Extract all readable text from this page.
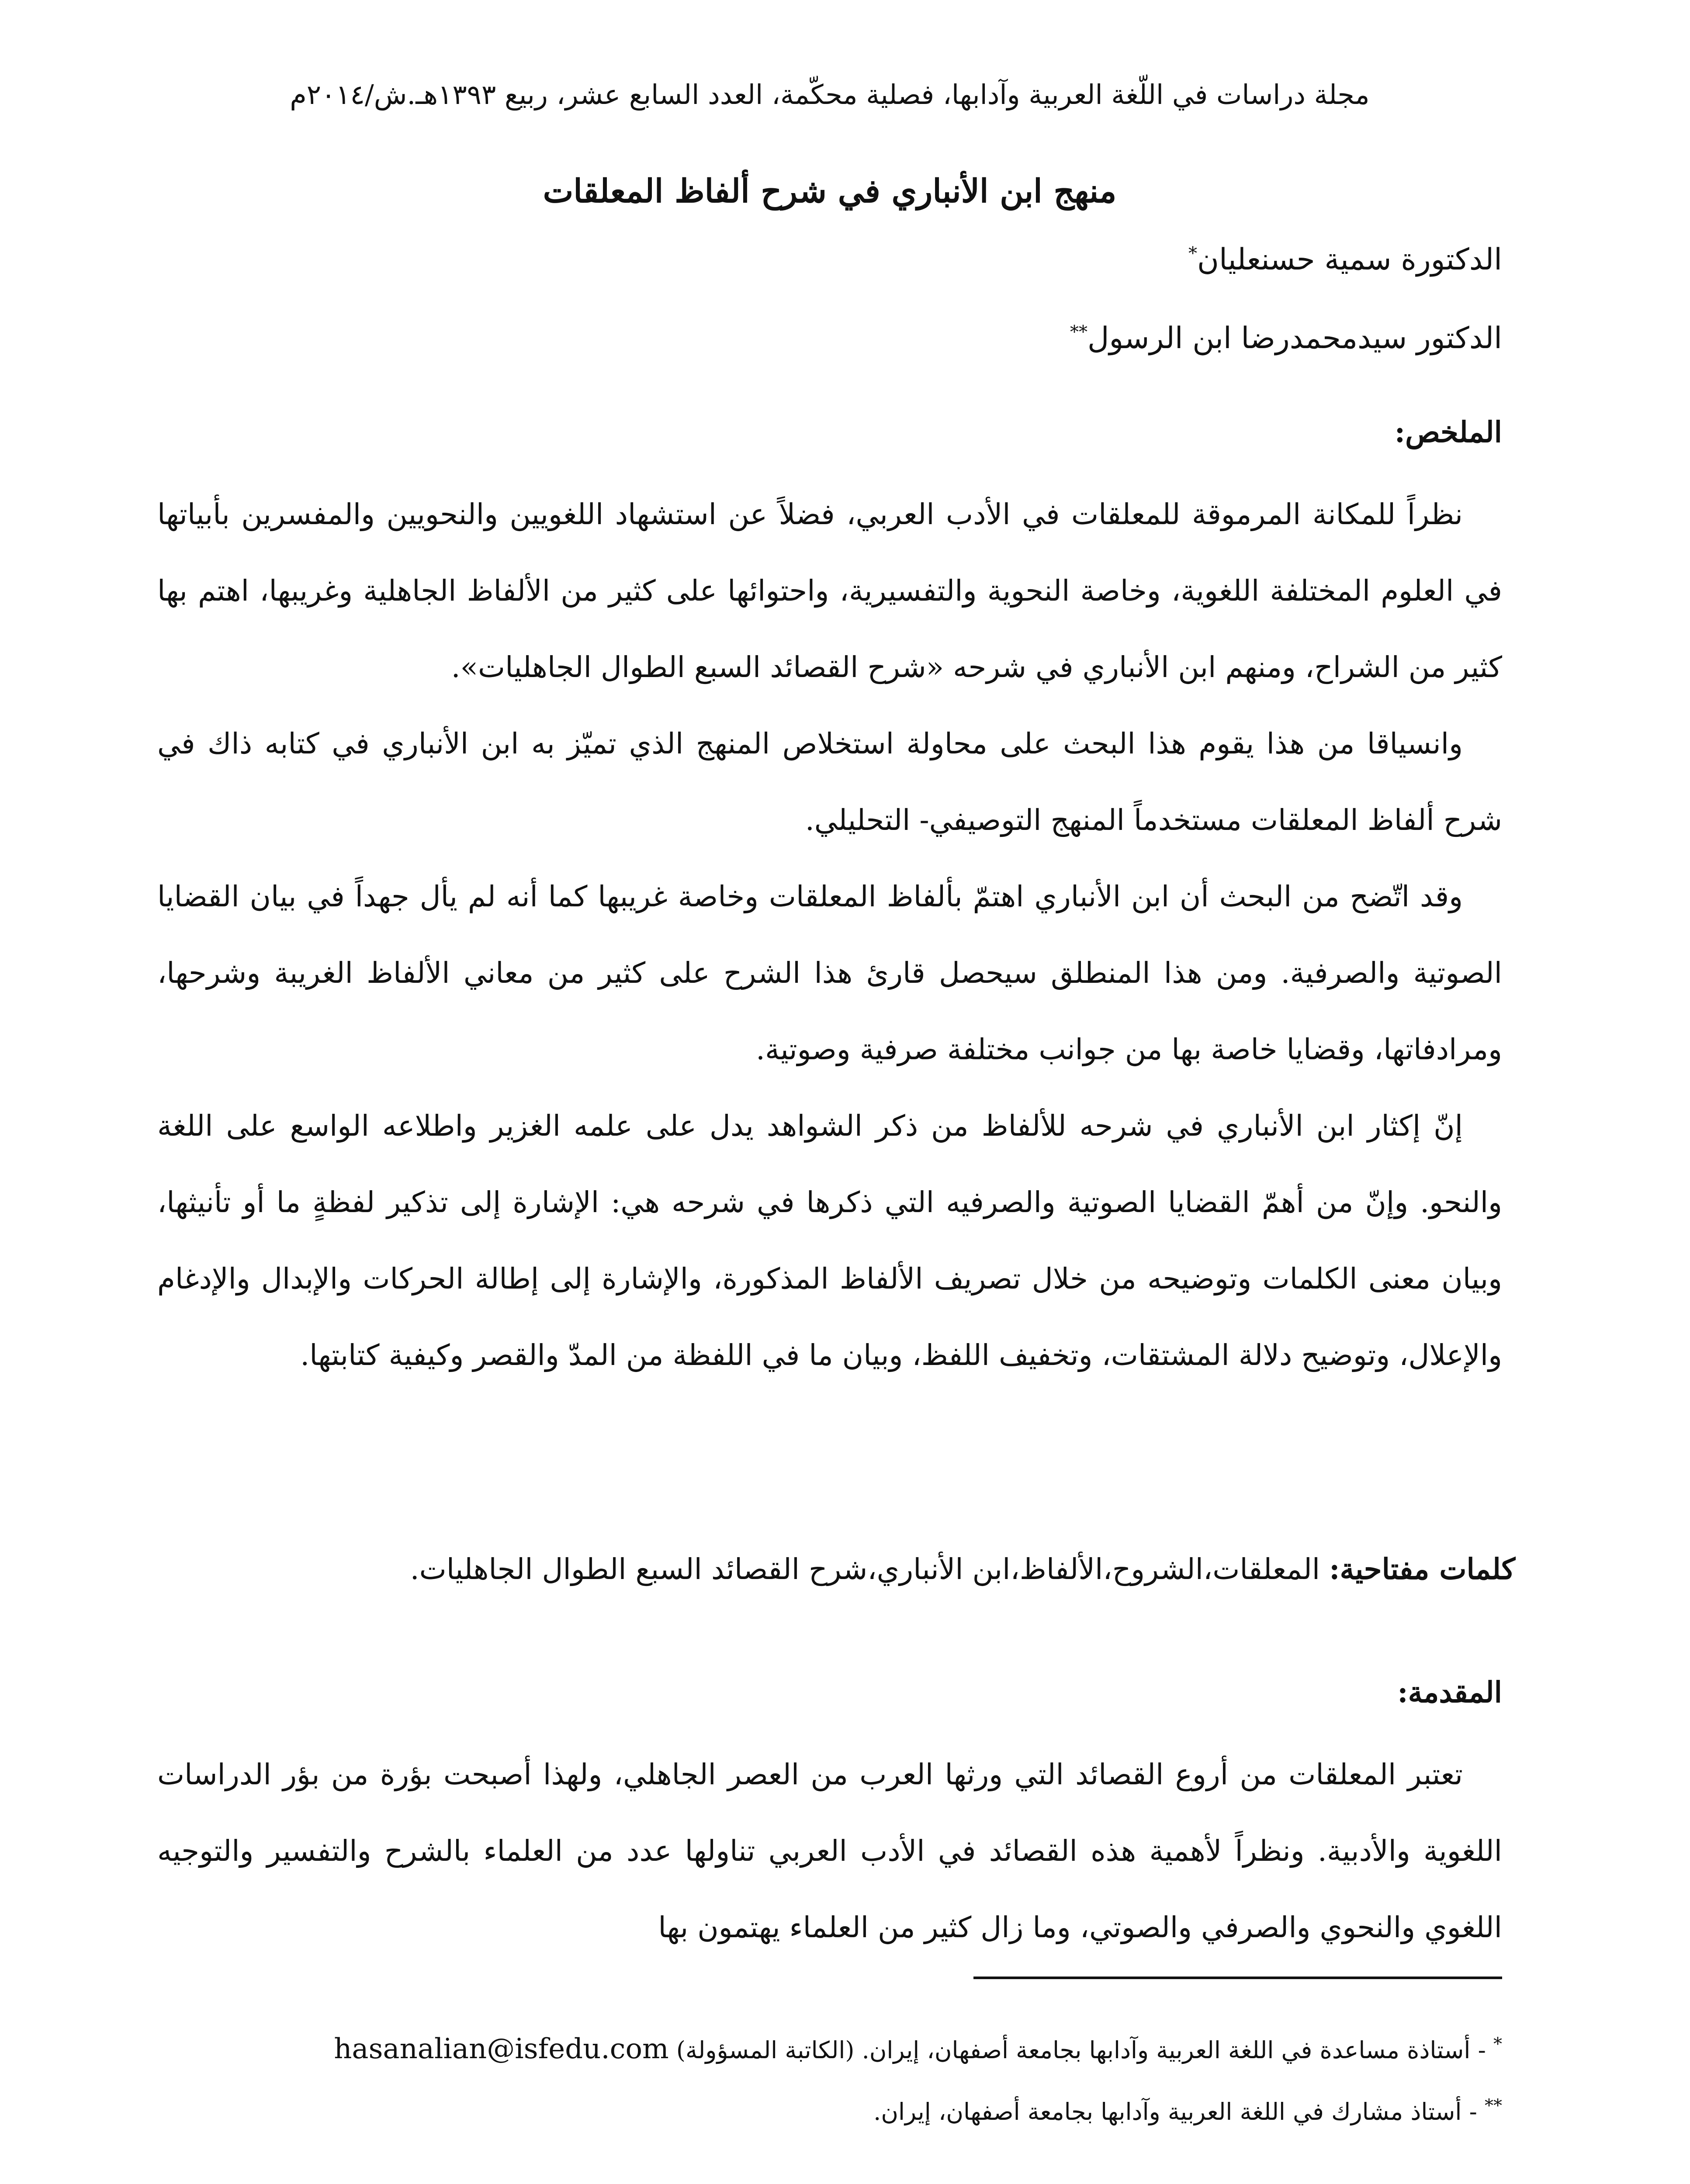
مجلة دراسات في اللّغة العربية وآدابها، فصلية محكّمة، العدد السابع عشر، ربيع ١٣٩٣هـ.ش/٢٠١٤م
منهج ابن الأنباري في شرح ألفاظ المعلقات
الدكتورة سمية حسنعليان*
الدكتور سيدمحمدرضا ابن الرسول**
الملخص:

نظراً للمكانة المرموقة للمعلقات في الأدب العربي، فضلاً عن استشهاد اللغويين والنحويين والمفسرين بأبياتها في العلوم المختلفة اللغوية، وخاصة النحوية والتفسيرية، واحتوائها على كثير من الألفاظ الجاهلية وغريبها، اهتم بها كثير من الشراح، ومنهم ابن الأنباري في شرحه «شرح القصائد السبع الطوال الجاهليات».

وانسياقا من هذا يقوم هذا البحث على محاولة استخلاص المنهج الذي تميّز به ابن الأنباري في كتابه ذاك في شرح ألفاظ المعلقات مستخدماً المنهج التوصيفي- التحليلي.

وقد اتّضح من البحث أن ابن الأنباري اهتمّ بألفاظ المعلقات وخاصة غريبها كما أنه لم يأل جهداً في بيان القضايا الصوتية والصرفية. ومن هذا المنطلق سيحصل قارئ هذا الشرح على كثير من معاني الألفاظ الغريبة وشرحها، ومرادفاتها، وقضايا خاصة بها من جوانب مختلفة صرفية وصوتية.

إنّ إكثار ابن الأنباري في شرحه للألفاظ من ذكر الشواهد يدل على علمه الغزير واطلاعه الواسع على اللغة والنحو. وإنّ من أهمّ القضايا الصوتية والصرفيه التي ذكرها في شرحه هي: الإشارة إلى تذكير لفظةٍ ما أو تأنيثها، وبيان معنى الكلمات وتوضيحه من خلال تصريف الألفاظ المذكورة، والإشارة إلى إطالة الحركات والإبدال والإدغام والإعلال، وتوضيح دلالة المشتقات، وتخفيف اللفظ، وبيان ما في اللفظة من المدّ والقصر وكيفية كتابتها.

كلمات مفتاحية: المعلقات،الشروح،الألفاظ،ابن الأنباري،شرح القصائد السبع الطوال الجاهليات.
المقدمة:

تعتبر المعلقات من أروع القصائد التي ورثها العرب من العصر الجاهلي، ولهذا أصبحت بؤرة من بؤر الدراسات اللغوية والأدبية. ونظراً لأهمية هذه القصائد في الأدب العربي تناولها عدد من العلماء بالشرح والتفسير والتوجيه اللغوي والنحوي والصرفي والصوتي، وما زال كثير من العلماء يهتمون بها

* - أستاذة مساعدة في اللغة العربية وآدابها بجامعة أصفهان، إيران. (الكاتبة المسؤولة) hasanalian@isfedu.com
** - أستاذ مشارك في اللغة العربية وآدابها بجامعة أصفهان، إيران.
